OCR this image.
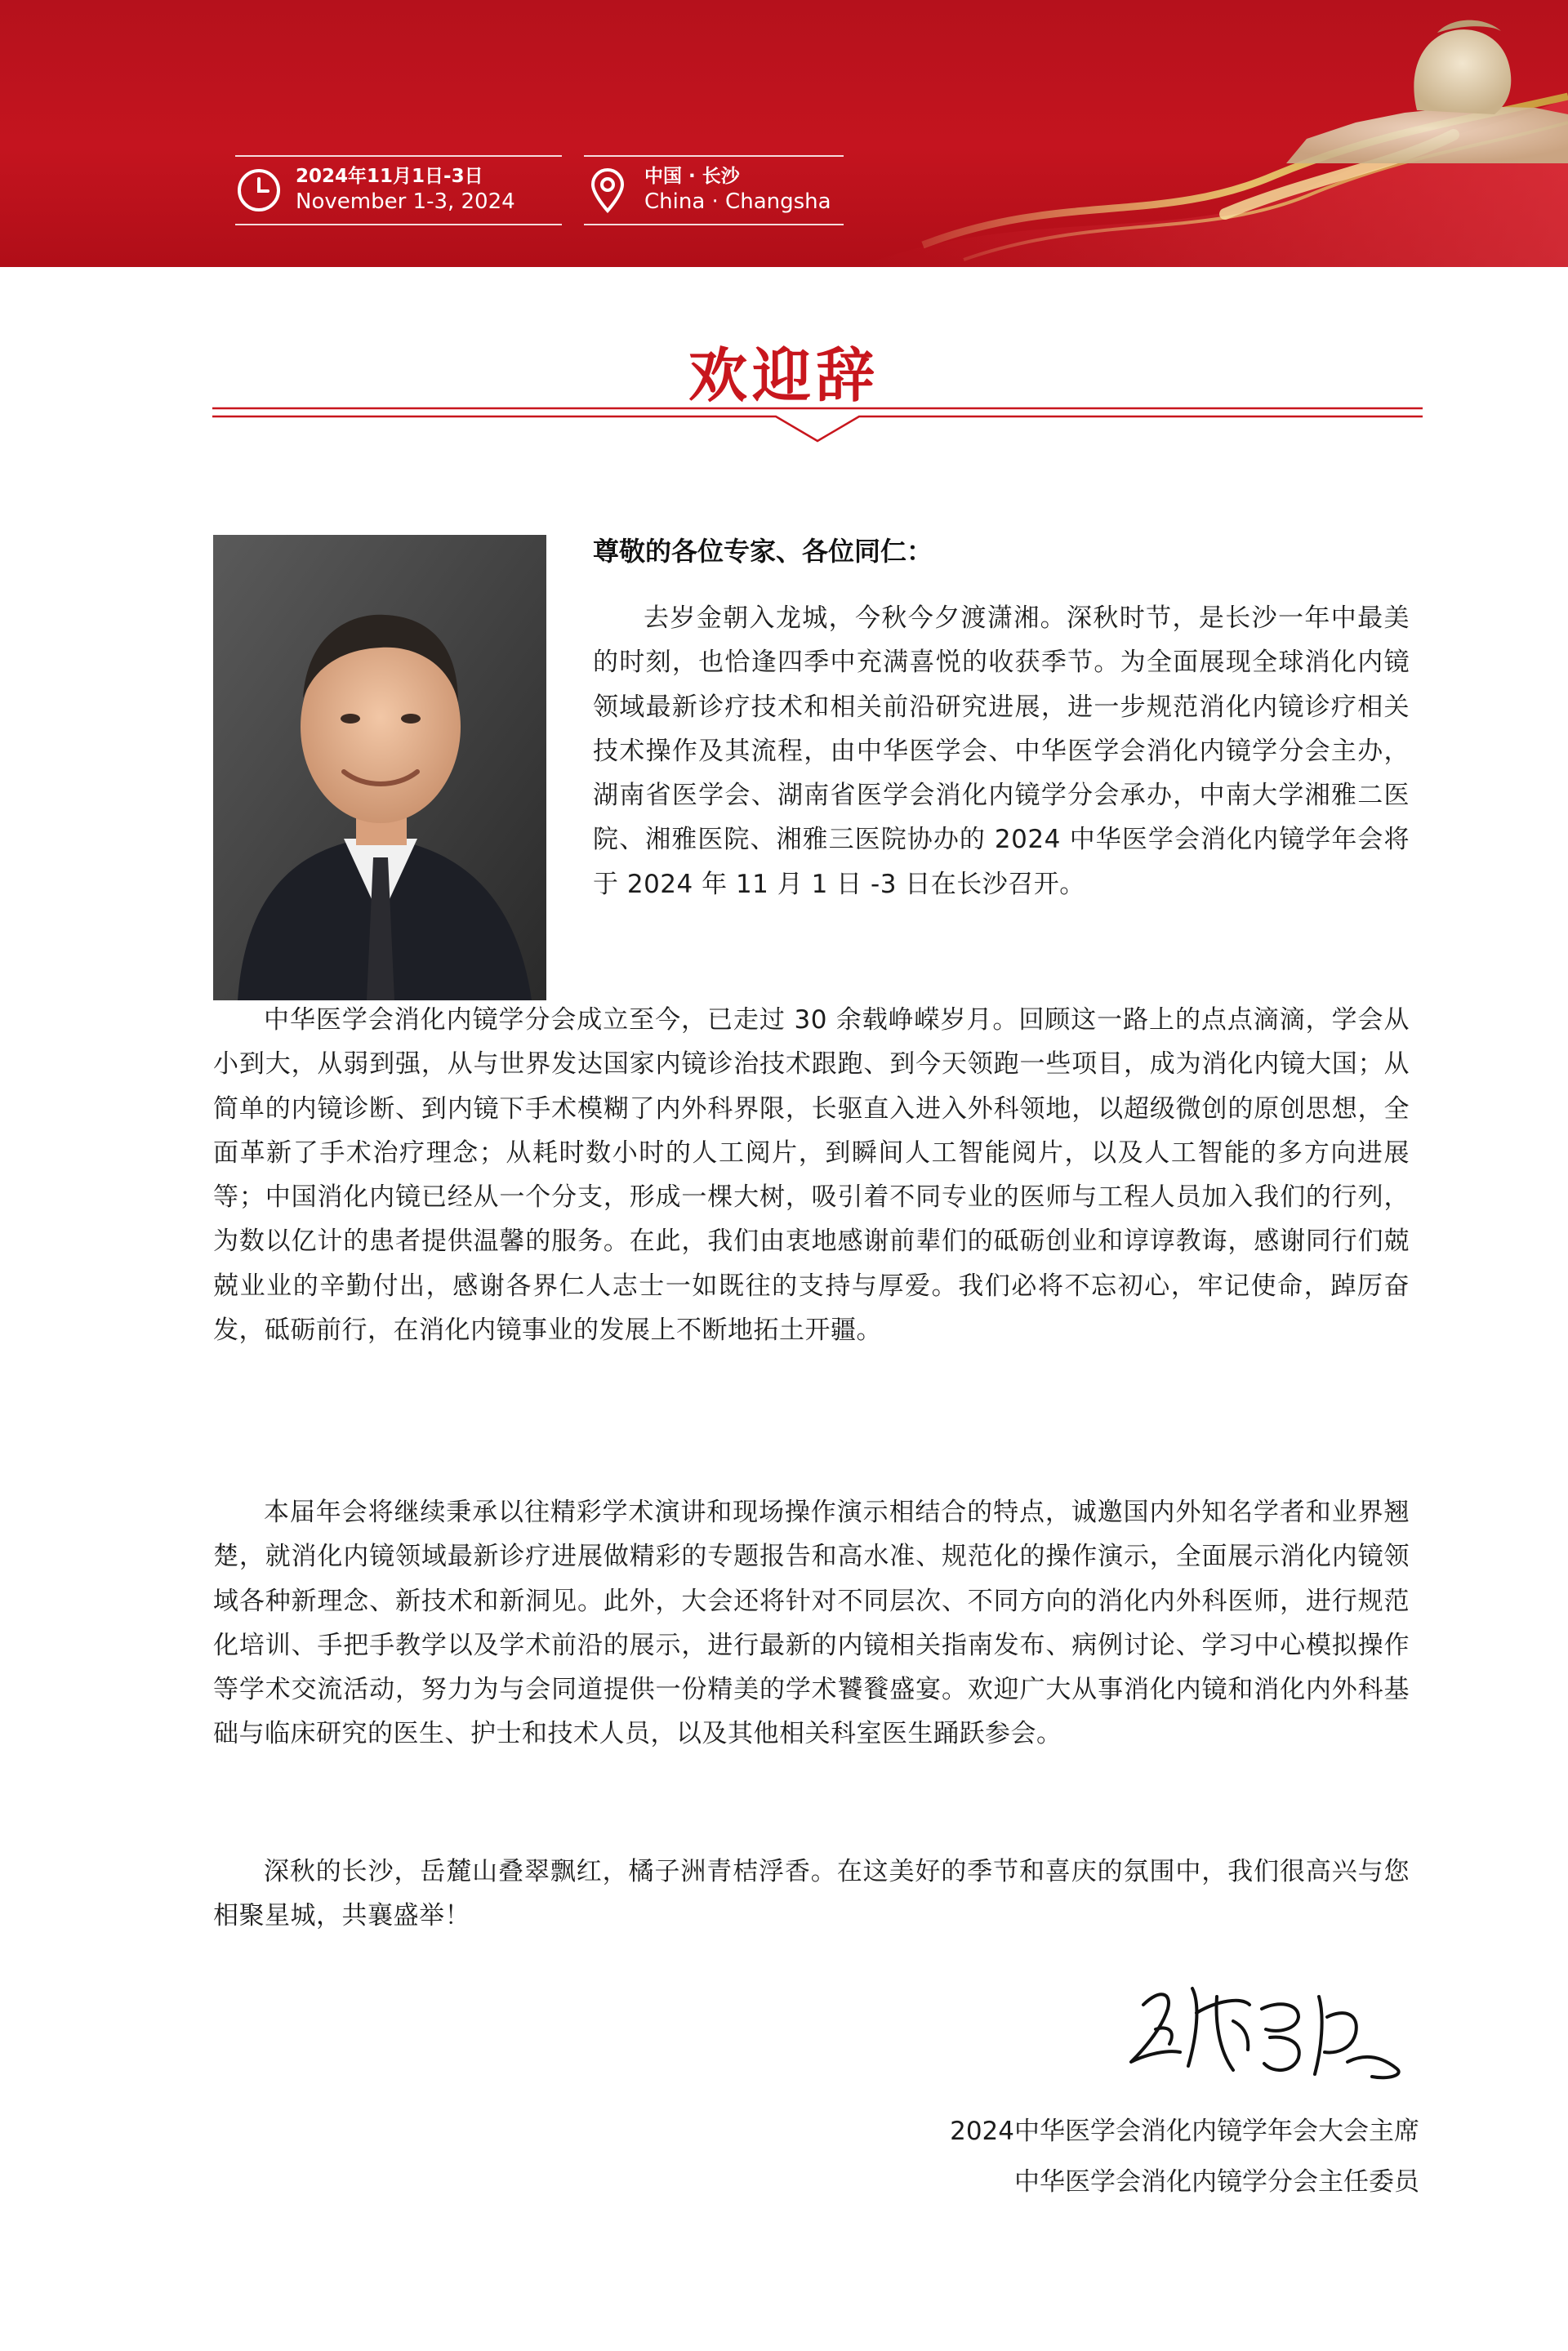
2024年11月1日-3日
November 1-3, 2024
中国 · 长沙
China · Changsha
欢迎辞
尊敬的各位专家、各位同仁：

去岁金朝入龙城，今秋今夕渡潇湘。深秋时节，是长沙一年中最美的时刻，也恰逢四季中充满喜悦的收获季节。为全面展现全球消化内镜领域最新诊疗技术和相关前沿研究进展，进一步规范消化内镜诊疗相关技术操作及其流程，由中华医学会、中华医学会消化内镜学分会主办，湖南省医学会、湖南省医学会消化内镜学分会承办，中南大学湘雅二医院、湘雅医院、湘雅三医院协办的 2024 中华医学会消化内镜学年会将于 2024 年 11 月 1 日 -3 日在长沙召开。

中华医学会消化内镜学分会成立至今，已走过 30 余载峥嵘岁月。回顾这一路上的点点滴滴，学会从小到大，从弱到强，从与世界发达国家内镜诊治技术跟跑、到今天领跑一些项目，成为消化内镜大国；从简单的内镜诊断、到内镜下手术模糊了内外科界限，长驱直入进入外科领地，以超级微创的原创思想，全面革新了手术治疗理念；从耗时数小时的人工阅片，到瞬间人工智能阅片，以及人工智能的多方向进展等；中国消化内镜已经从一个分支，形成一棵大树，吸引着不同专业的医师与工程人员加入我们的行列，为数以亿计的患者提供温馨的服务。在此，我们由衷地感谢前辈们的砥砺创业和谆谆教诲，感谢同行们兢兢业业的辛勤付出，感谢各界仁人志士一如既往的支持与厚爱。我们必将不忘初心，牢记使命，踔厉奋发，砥砺前行，在消化内镜事业的发展上不断地拓土开疆。

本届年会将继续秉承以往精彩学术演讲和现场操作演示相结合的特点，诚邀国内外知名学者和业界翘楚，就消化内镜领域最新诊疗进展做精彩的专题报告和高水准、规范化的操作演示，全面展示消化内镜领域各种新理念、新技术和新洞见。此外，大会还将针对不同层次、不同方向的消化内外科医师，进行规范化培训、手把手教学以及学术前沿的展示，进行最新的内镜相关指南发布、病例讨论、学习中心模拟操作等学术交流活动，努力为与会同道提供一份精美的学术饕餮盛宴。欢迎广大从事消化内镜和消化内外科基础与临床研究的医生、护士和技术人员，以及其他相关科室医生踊跃参会。

深秋的长沙，岳麓山叠翠飘红，橘子洲青桔浮香。在这美好的季节和喜庆的氛围中，我们很高兴与您相聚星城，共襄盛举！

2024中华医学会消化内镜学年会大会主席
中华医学会消化内镜学分会主任委员
